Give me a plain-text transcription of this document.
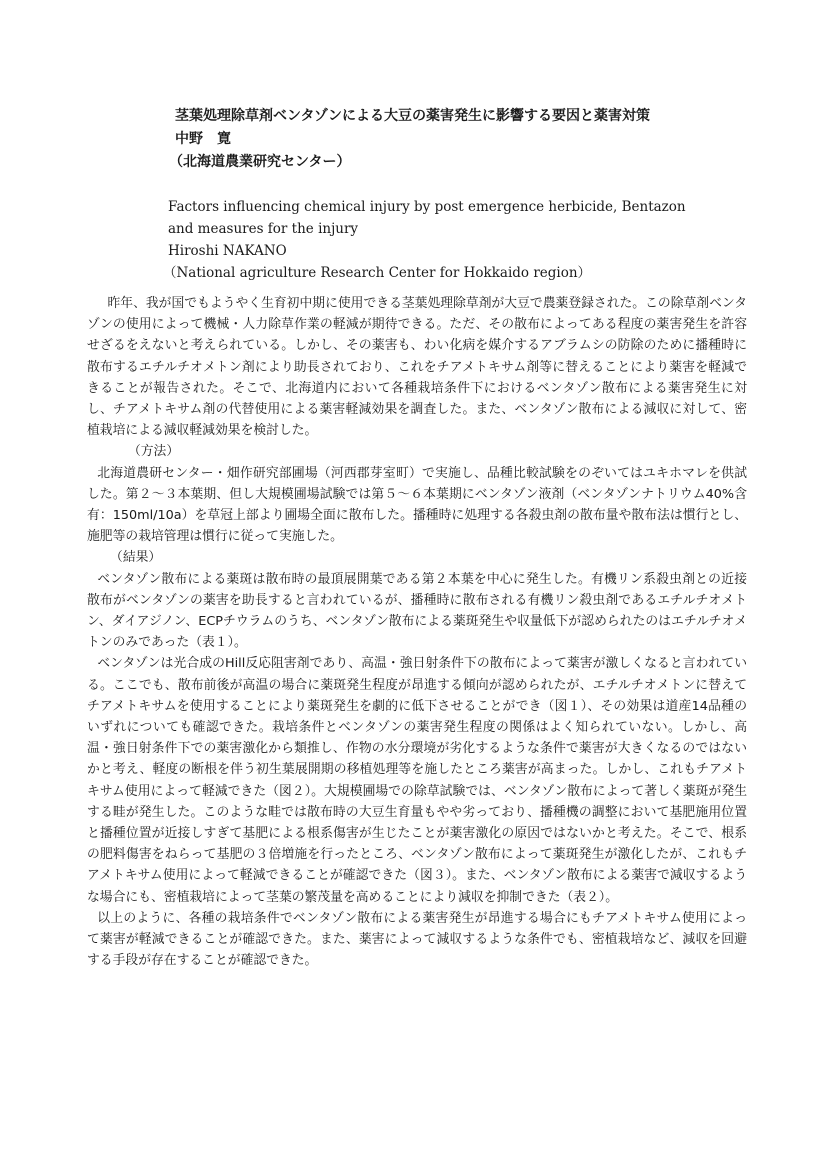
茎葉処理除草剤ベンタゾンによる大豆の薬害発生に影響する要因と薬害対策
中野　寛
（北海道農業研究センター）
Factors influencing chemical injury by post emergence herbicide, Bentazon
and measures for the injury
Hiroshi NAKANO
（National agriculture Research Center for Hokkaido region）

昨年、我が国でもようやく生育初中期に使用できる茎葉処理除草剤が大豆で農薬登録された。この除草剤ベンタゾンの使用によって機械・人力除草作業の軽減が期待できる。ただ、その散布によってある程度の薬害発生を許容せざるをえないと考えられている。しかし、その薬害も、わい化病を媒介するアブラムシの防除のために播種時に散布するエチルチオメトン剤により助長されており、これをチアメトキサム剤等に替えることにより薬害を軽減できることが報告された。そこで、北海道内において各種栽培条件下におけるベンタゾン散布による薬害発生に対し、チアメトキサム剤の代替使用による薬害軽減効果を調査した。また、ベンタゾン散布による減収に対して、密植栽培による減収軽減効果を検討した。

（方法）

北海道農研センター・畑作研究部圃場（河西郡芽室町）で実施し、品種比較試験をのぞいてはユキホマレを供試した。第２～３本葉期、但し大規模圃場試験では第５～６本葉期にベンタゾン液剤（ベンタゾンナトリウム40%含有：150ml/10a）を草冠上部より圃場全面に散布した。播種時に処理する各殺虫剤の散布量や散布法は慣行とし、施肥等の栽培管理は慣行に従って実施した。

（結果）

ベンタゾン散布による薬斑は散布時の最頂展開葉である第２本葉を中心に発生した。有機リン系殺虫剤との近接散布がベンタゾンの薬害を助長すると言われているが、播種時に散布される有機リン殺虫剤であるエチルチオメトン、ダイアジノン、ECPチウラムのうち、ベンタゾン散布による薬斑発生や収量低下が認められたのはエチルチオメトンのみであった（表１）。

ベンタゾンは光合成のHill反応阻害剤であり、高温・強日射条件下の散布によって薬害が激しくなると言われている。ここでも、散布前後が高温の場合に薬斑発生程度が昂進する傾向が認められたが、エチルチオメトンに替えてチアメトキサムを使用することにより薬斑発生を劇的に低下させることができ（図１）、その効果は道産14品種のいずれについても確認できた。栽培条件とベンタゾンの薬害発生程度の関係はよく知られていない。しかし、高温・強日射条件下での薬害激化から類推し、作物の水分環境が劣化するような条件で薬害が大きくなるのではないかと考え、軽度の断根を伴う初生葉展開期の移植処理等を施したところ薬害が高まった。しかし、これもチアメトキサム使用によって軽減できた（図２）。大規模圃場での除草試験では、ベンタゾン散布によって著しく薬斑が発生する畦が発生した。このような畦では散布時の大豆生育量もやや劣っており、播種機の調整において基肥施用位置と播種位置が近接しすぎて基肥による根系傷害が生じたことが薬害激化の原因ではないかと考えた。そこで、根系の肥料傷害をねらって基肥の３倍増施を行ったところ、ベンタゾン散布によって薬斑発生が激化したが、これもチアメトキサム使用によって軽減できることが確認できた（図３）。また、ベンタゾン散布による薬害で減収するような場合にも、密植栽培によって茎葉の繁茂量を高めることにより減収を抑制できた（表２）。

以上のように、各種の栽培条件でベンタゾン散布による薬害発生が昂進する場合にもチアメトキサム使用によって薬害が軽減できることが確認できた。また、薬害によって減収するような条件でも、密植栽培など、減収を回避する手段が存在することが確認できた。
